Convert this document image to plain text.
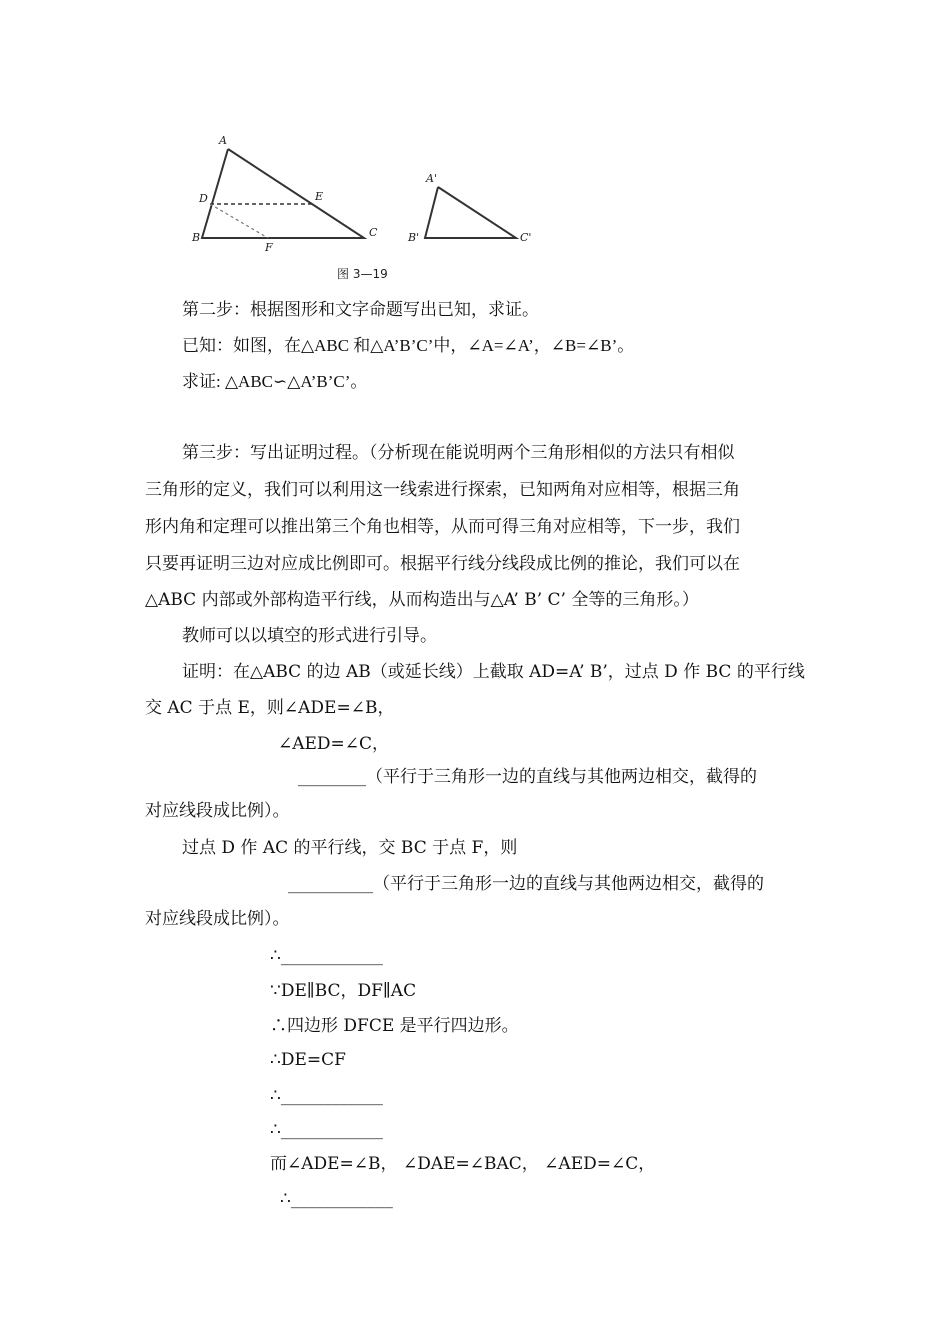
A
B	C
D	E
F
A'
B'	C'
图 3—19
第二步：根据图形和文字命题写出已知，求证。
已知：如图，在△ABC 和△A’B’C’中，∠A=∠A’，∠B=∠B’。
求证: △ABC∽△A’B’C’。
第三步：写出证明过程。（分析现在能说明两个三角形相似的方法只有相似
三角形的定义，我们可以利用这一线索进行探索，已知两角对应相等，根据三角
形内角和定理可以推出第三个角也相等，从而可得三角对应相等，下一步，我们
只要再证明三边对应成比例即可。根据平行线分线段成比例的推论，我们可以在
△ABC 内部或外部构造平行线，从而构造出与△A’ B’ C’ 全等的三角形。）
教师可以以填空的形式进行引导。
证明：在△ABC 的边 AB（或延长线）上截取 AD=A’ B’，过点 D 作 BC 的平行线
交 AC 于点 E，则∠ADE=∠B，
∠AED=∠C，
________（平行于三角形一边的直线与其他两边相交，截得的
对应线段成比例）。
过点 D 作 AC 的平行线，交 BC 于点 F，则
__________（平行于三角形一边的直线与其他两边相交，截得的
对应线段成比例）。
∴____________
∵DE∥BC，DF∥AC
∴四边形 DFCE 是平行四边形。
∴DE=CF
∴____________
∴____________
而∠ADE=∠B， ∠DAE=∠BAC， ∠AED=∠C，
∴____________
